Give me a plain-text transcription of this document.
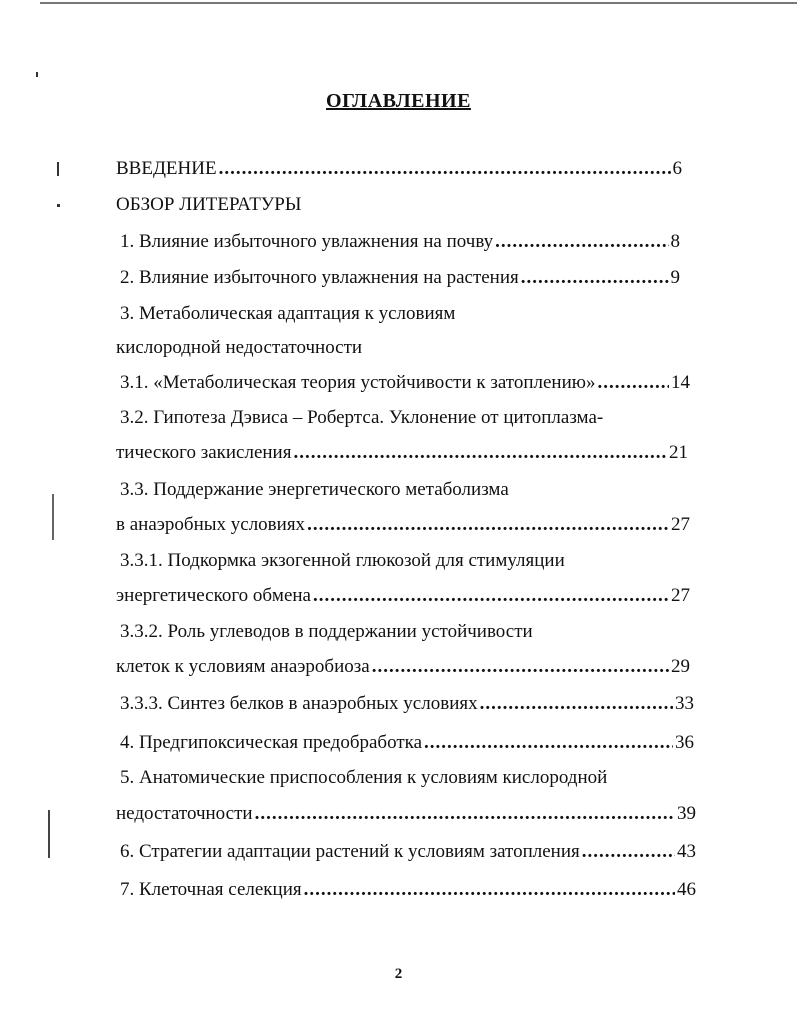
ОГЛАВЛЕНИЕ
ВВЕДЕНИЕ .....	6
ОБЗОР ЛИТЕРАТУРЫ
1. Влияние избыточного увлажнения на почву .....	8
2. Влияние избыточного увлажнения на растения .....	9
3. Метаболическая адаптация к условиям
кислородной недостаточности
3.1. «Метаболическая теория устойчивости к затоплению» .....	14
3.2. Гипотеза Дэвиса – Робертса. Уклонение от цитоплазма-
тического закисления .....	21
3.3. Поддержание энергетического метаболизма
в анаэробных условиях .....	27
3.3.1. Подкормка экзогенной глюкозой для стимуляции
энергетического обмена .....	27
3.3.2. Роль углеводов в поддержании устойчивости
клеток к условиям анаэробиоза .....	29
3.3.3. Синтез белков в анаэробных условиях .....	33
4. Предгипоксическая предобработка .....	36
5. Анатомические приспособления к условиям кислородной
недостаточности .....	39
6. Стратегии адаптации растений к условиям затопления .....	43
7. Клеточная селекция .....	46
2
